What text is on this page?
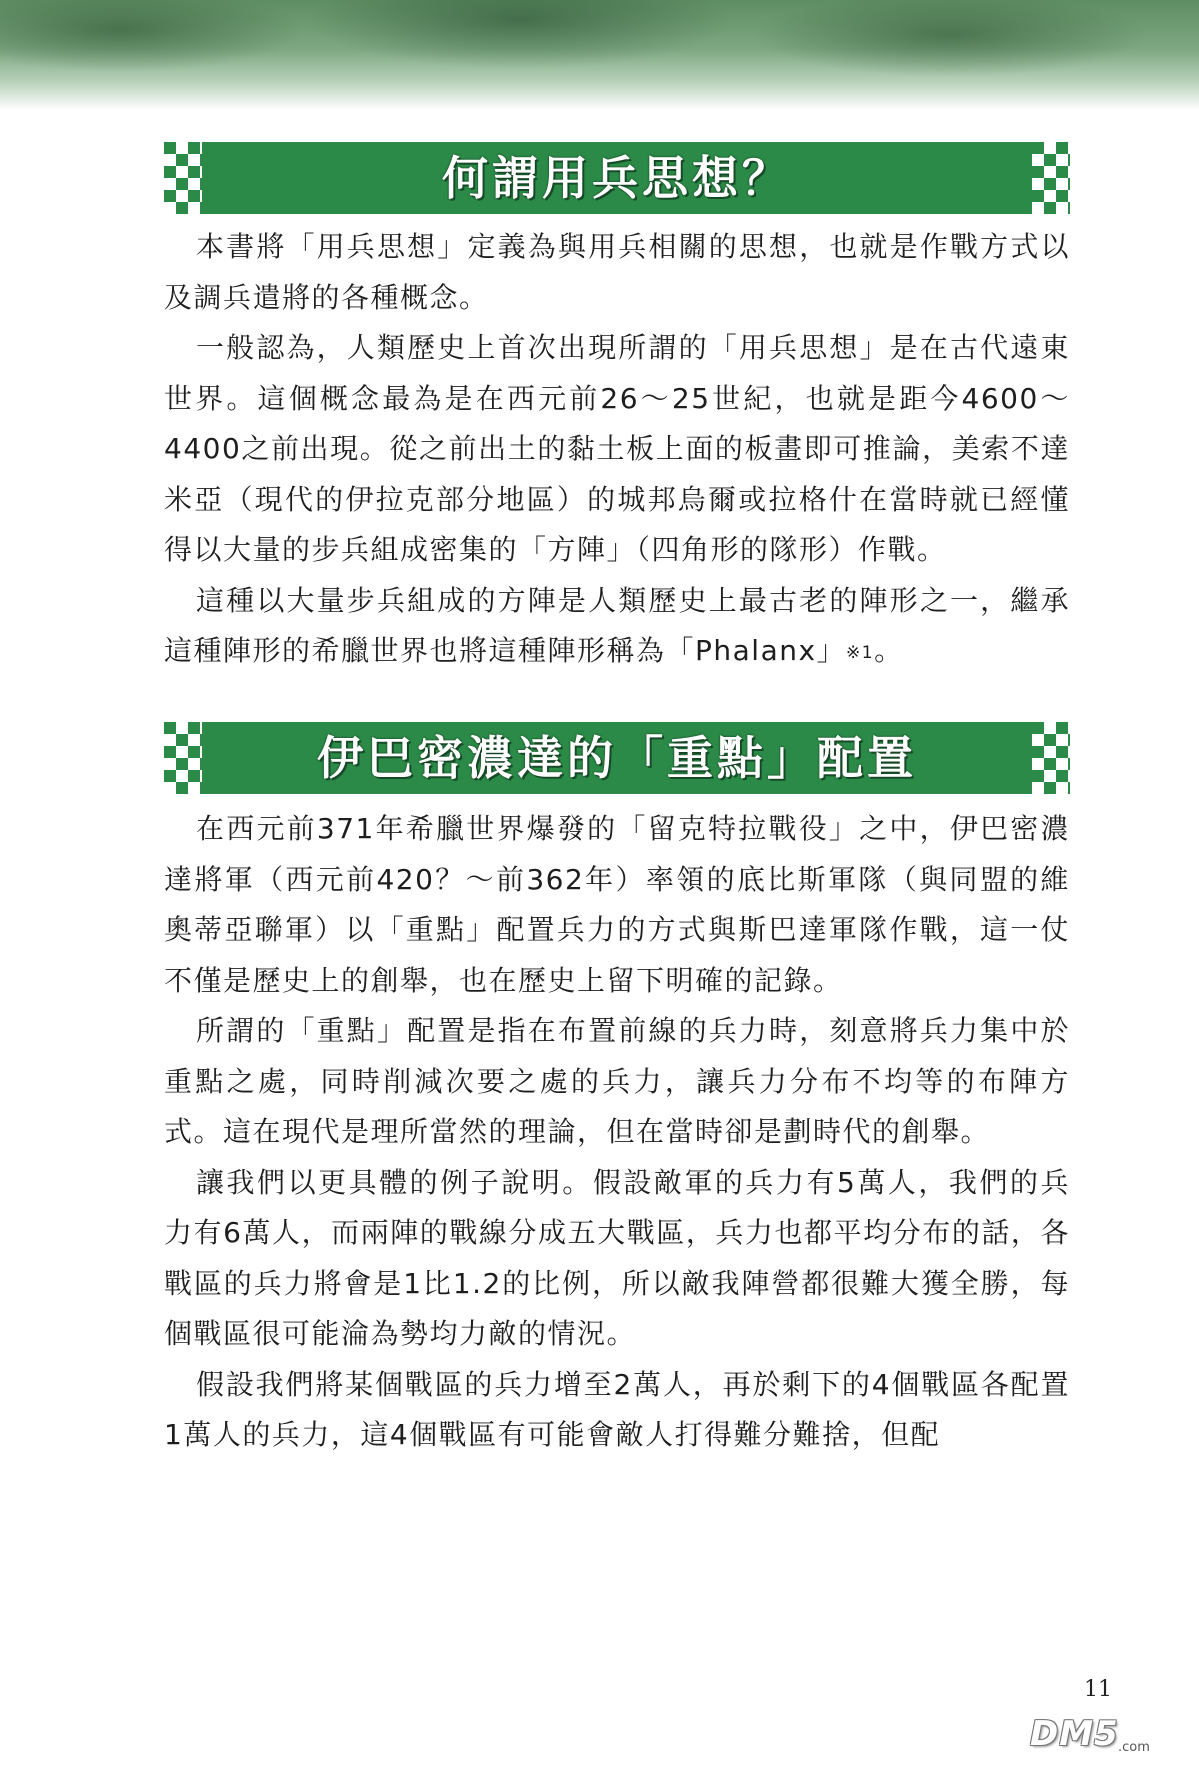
何謂用兵思想？

本書將「用兵思想」定義為與用兵相關的思想，也就是作戰方式以及調兵遣將的各種概念。

一般認為，人類歷史上首次出現所謂的「用兵思想」是在古代遠東世界。這個概念最為是在西元前26〜25世紀，也就是距今4600〜4400之前出現。從之前出土的黏土板上面的板畫即可推論，美索不達米亞（現代的伊拉克部分地區）的城邦烏爾或拉格什在當時就已經懂得以大量的步兵組成密集的「方陣」（四角形的隊形）作戰。

這種以大量步兵組成的方陣是人類歷史上最古老的陣形之一，繼承這種陣形的希臘世界也將這種陣形稱為「Phalanx」$^{※1}$。

伊巴密濃達的「重點」配置

在西元前371年希臘世界爆發的「留克特拉戰役」之中，伊巴密濃達將軍（西元前420？〜前362年）率領的底比斯軍隊（與同盟的維奧蒂亞聯軍）以「重點」配置兵力的方式與斯巴達軍隊作戰，這一仗不僅是歷史上的創舉，也在歷史上留下明確的記錄。

所謂的「重點」配置是指在布置前線的兵力時，刻意將兵力集中於重點之處，同時削減次要之處的兵力，讓兵力分布不均等的布陣方式。這在現代是理所當然的理論，但在當時卻是劃時代的創舉。

讓我們以更具體的例子說明。假設敵軍的兵力有5萬人，我們的兵力有6萬人，而兩陣的戰線分成五大戰區，兵力也都平均分布的話，各戰區的兵力將會是1比1.2的比例，所以敵我陣營都很難大獲全勝，每個戰區很可能淪為勢均力敵的情況。

假設我們將某個戰區的兵力增至2萬人，再於剩下的4個戰區各配置1萬人的兵力，這4個戰區有可能會敵人打得難分難捨，但配

11
DM5 .com
